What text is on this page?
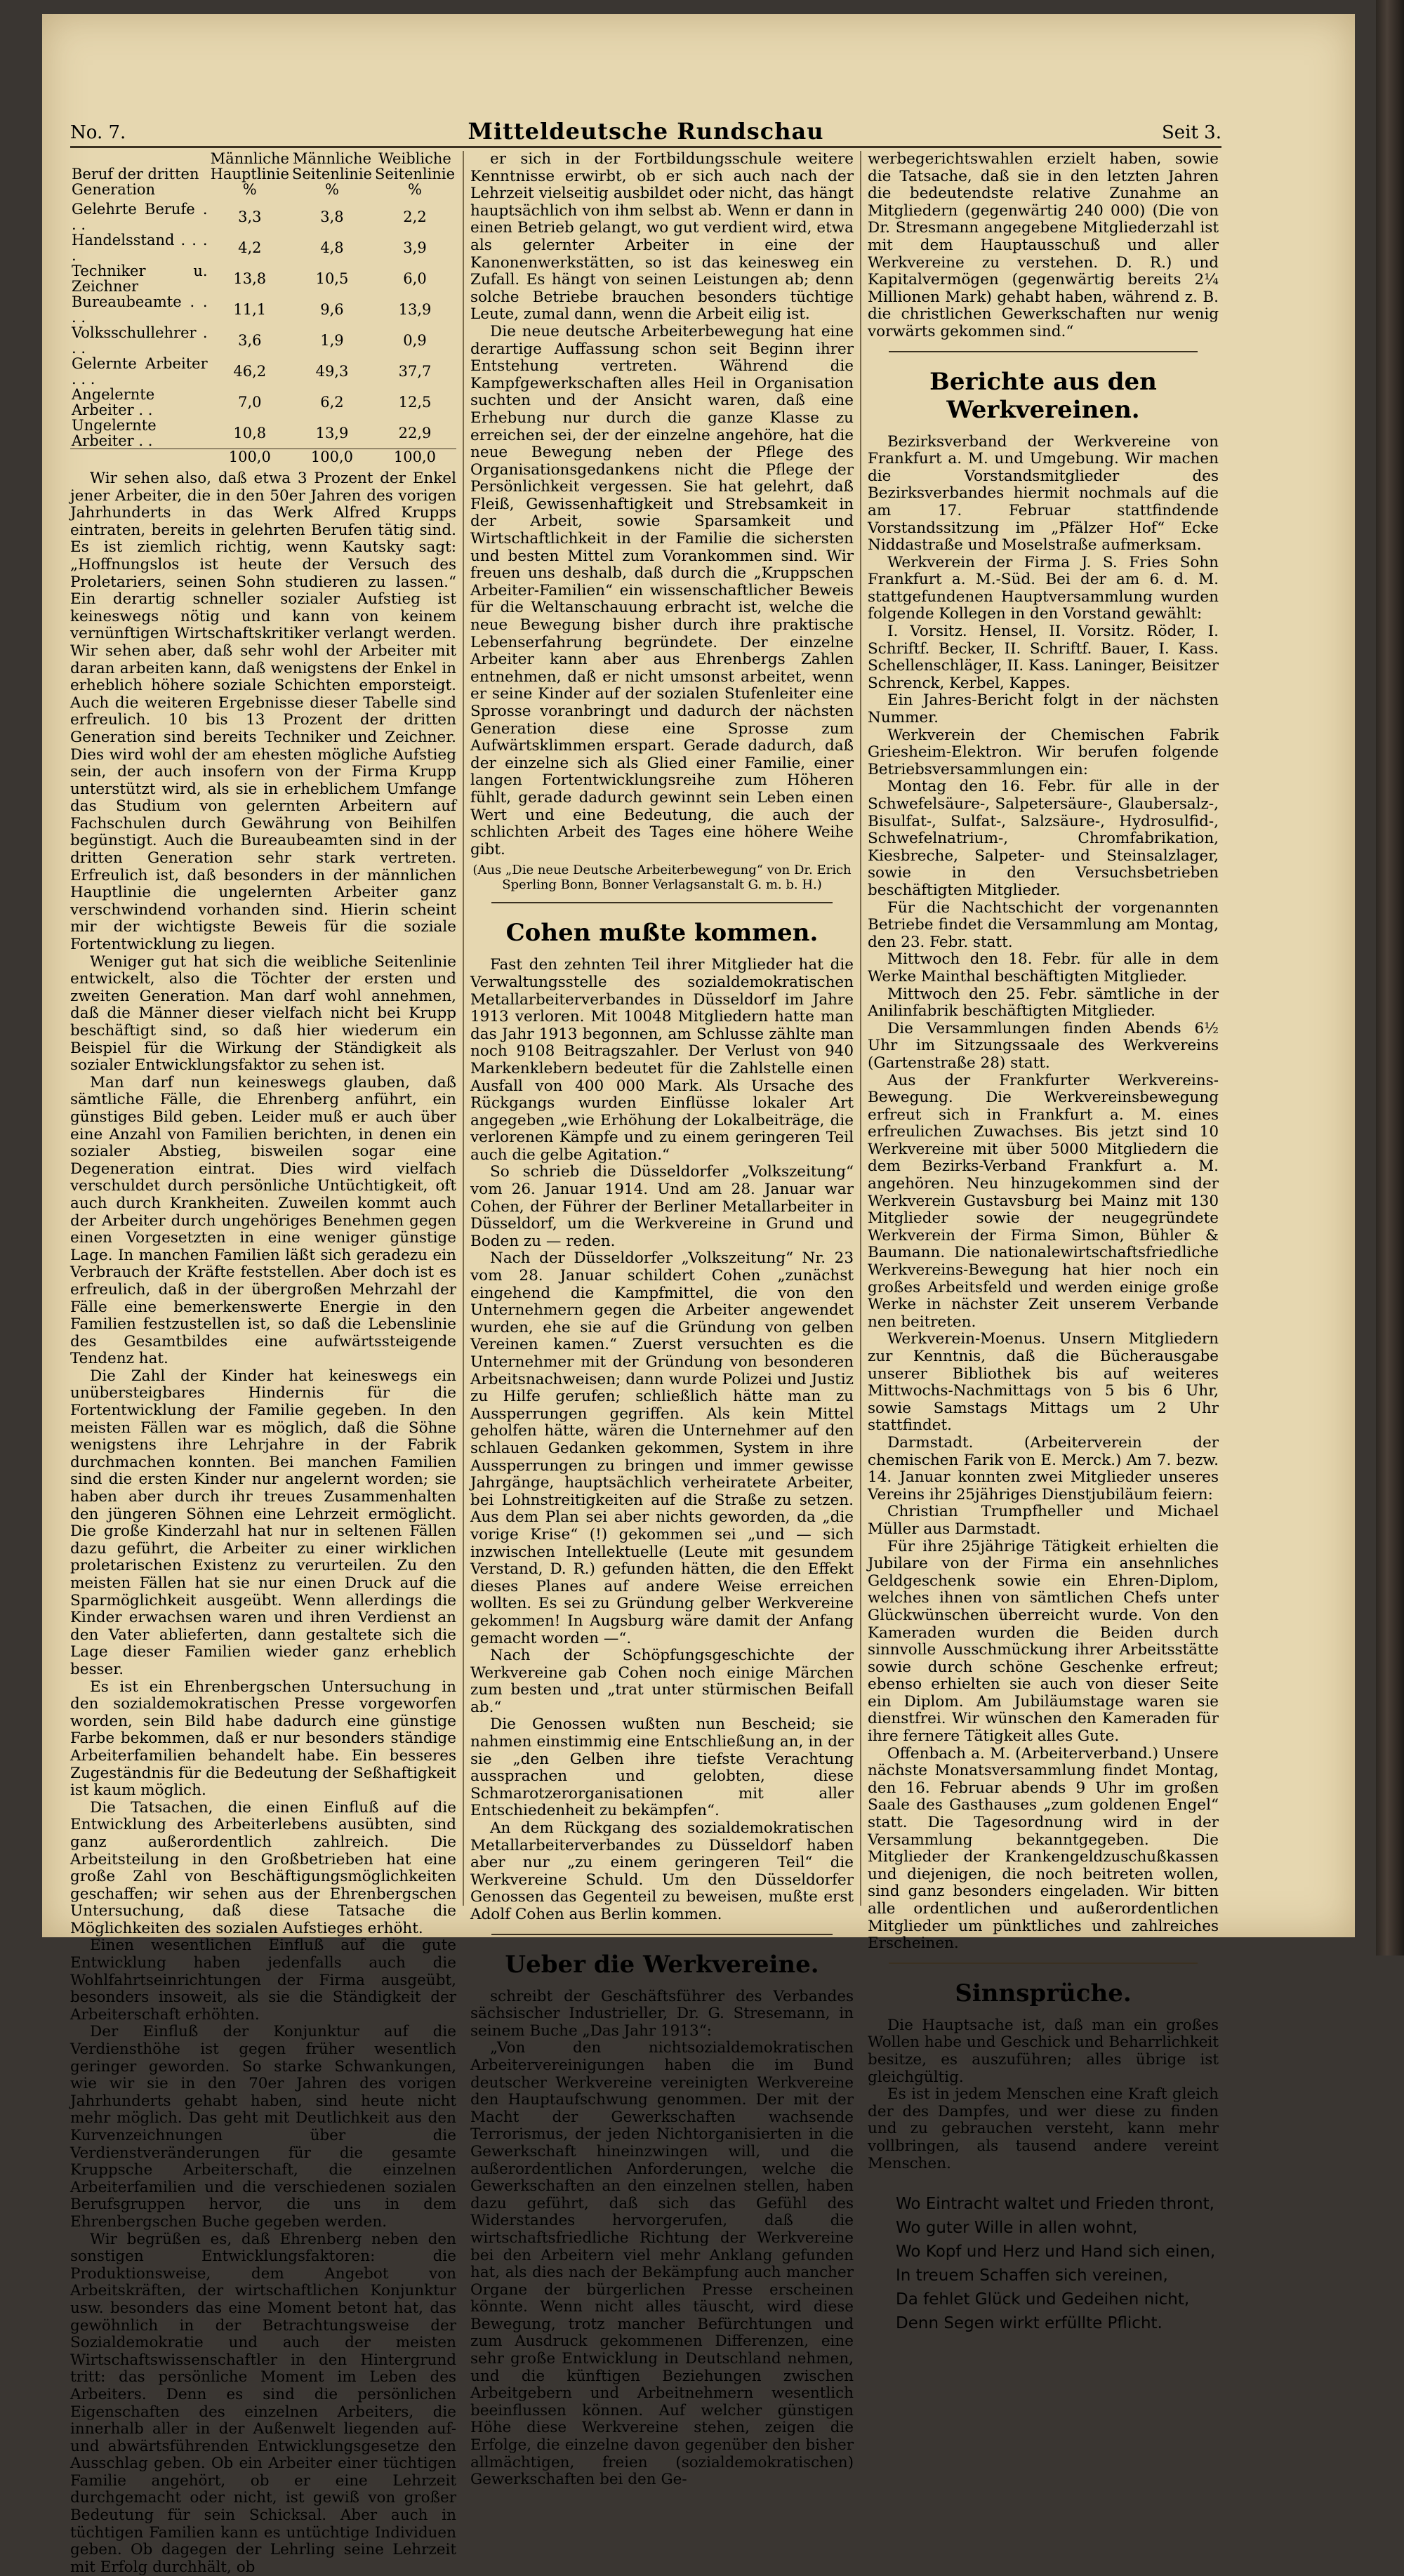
No. 7.	Mitteldeutsche Rundschau	Seit 3.
Beruf der dritten Generation	Männliche Hauptlinie %	Männliche Seitenlinie %	Weibliche Seitenlinie %
Gelehrte Berufe . . .	3,3	3,8	2,2
Handelsstand . . . .	4,2	4,8	3,9
Techniker u. Zeichner	13,8	10,5	6,0
Bureaubeamte . . . .	11,1	9,6	13,9
Volksschullehrer . . .	3,6	1,9	0,9
Gelernte Arbeiter . . .	46,2	49,3	37,7
Angelernte Arbeiter . .	7,0	6,2	12,5
Ungelernte Arbeiter . .	10,8	13,9	22,9
	100,0	100,0	100,0

Wir sehen also, daß etwa 3 Prozent der Enkel jener Arbeiter, die in den 50er Jahren des vorigen Jahrhunderts in das Werk Alfred Krupps eintraten, bereits in gelehrten Berufen tätig sind. Es ist ziemlich richtig, wenn Kautsky sagt: „Hoffnungslos ist heute der Versuch des Proletariers, seinen Sohn studieren zu lassen.“ Ein derartig schneller sozialer Aufstieg ist keineswegs nötig und kann von keinem vernünftigen Wirtschaftskritiker verlangt werden. Wir sehen aber, daß sehr wohl der Arbeiter mit daran arbeiten kann, daß wenigstens der Enkel in erheblich höhere soziale Schichten emporsteigt. Auch die weiteren Ergebnisse dieser Tabelle sind erfreulich. 10 bis 13 Prozent der dritten Generation sind bereits Techniker und Zeichner. Dies wird wohl der am ehesten mögliche Aufstieg sein, der auch insofern von der Firma Krupp unterstützt wird, als sie in erheblichem Umfange das Studium von gelernten Arbeitern auf Fachschulen durch Gewährung von Beihilfen begünstigt. Auch die Bureaubeamten sind in der dritten Generation sehr stark vertreten. Erfreulich ist, daß besonders in der männlichen Hauptlinie die ungelernten Arbeiter ganz verschwindend vorhanden sind. Hierin scheint mir der wichtigste Beweis für die soziale Fortentwicklung zu liegen.

Weniger gut hat sich die weibliche Seitenlinie entwickelt, also die Töchter der ersten und zweiten Generation. Man darf wohl annehmen, daß die Männer dieser vielfach nicht bei Krupp beschäftigt sind, so daß hier wiederum ein Beispiel für die Wirkung der Ständigkeit als sozialer Entwicklungsfaktor zu sehen ist.

Man darf nun keineswegs glauben, daß sämtliche Fälle, die Ehrenberg anführt, ein günstiges Bild geben. Leider muß er auch über eine Anzahl von Familien berichten, in denen ein sozialer Abstieg, bisweilen sogar eine Degeneration eintrat. Dies wird vielfach verschuldet durch persönliche Untüchtigkeit, oft auch durch Krankheiten. Zuweilen kommt auch der Arbeiter durch ungehöriges Benehmen gegen einen Vorgesetzten in eine weniger günstige Lage. In manchen Familien läßt sich geradezu ein Verbrauch der Kräfte feststellen. Aber doch ist es erfreulich, daß in der übergroßen Mehrzahl der Fälle eine bemerkenswerte Energie in den Familien festzustellen ist, so daß die Lebenslinie des Gesamtbildes eine aufwärtssteigende Tendenz hat.

Die Zahl der Kinder hat keineswegs ein unübersteigbares Hindernis für die Fortentwicklung der Familie gegeben. In den meisten Fällen war es möglich, daß die Söhne wenigstens ihre Lehrjahre in der Fabrik durchmachen konnten. Bei manchen Familien sind die ersten Kinder nur angelernt worden; sie haben aber durch ihr treues Zusammenhalten den jüngeren Söhnen eine Lehrzeit ermöglicht. Die große Kinderzahl hat nur in seltenen Fällen dazu geführt, die Arbeiter zu einer wirklichen proletarischen Existenz zu verurteilen. Zu den meisten Fällen hat sie nur einen Druck auf die Sparmöglichkeit ausgeübt. Wenn allerdings die Kinder erwachsen waren und ihren Verdienst an den Vater ablieferten, dann gestaltete sich die Lage dieser Familien wieder ganz erheblich besser.

Es ist ein Ehrenbergschen Untersuchung in den sozialdemokratischen Presse vorgeworfen worden, sein Bild habe dadurch eine günstige Farbe bekommen, daß er nur besonders ständige Arbeiterfamilien behandelt habe. Ein besseres Zugeständnis für die Bedeutung der Seßhaftigkeit ist kaum möglich.

Die Tatsachen, die einen Einfluß auf die Entwicklung des Arbeiterlebens ausübten, sind ganz außerordentlich zahlreich. Die Arbeitsteilung in den Großbetrieben hat eine große Zahl von Beschäftigungsmöglichkeiten geschaffen; wir sehen aus der Ehrenbergschen Untersuchung, daß diese Tatsache die Möglichkeiten des sozialen Aufstieges erhöht.

Einen wesentlichen Einfluß auf die gute Entwicklung haben jedenfalls auch die Wohlfahrtseinrichtungen der Firma ausgeübt, besonders insoweit, als sie die Ständigkeit der Arbeiterschaft erhöhten.

Der Einfluß der Konjunktur auf die Verdiensthöhe ist gegen früher wesentlich geringer geworden. So starke Schwankungen, wie wir sie in den 70er Jahren des vorigen Jahrhunderts gehabt haben, sind heute nicht mehr möglich. Das geht mit Deutlichkeit aus den Kurvenzeichnungen über die Verdienstveränderungen für die gesamte Kruppsche Arbeiterschaft, die einzelnen Arbeiterfamilien und die verschiedenen sozialen Berufsgruppen hervor, die uns in dem Ehrenbergschen Buche gegeben werden.

Wir begrüßen es, daß Ehrenberg neben den sonstigen Entwicklungsfaktoren: die Produktionsweise, dem Angebot von Arbeitskräften, der wirtschaftlichen Konjunktur usw. besonders das eine Moment betont hat, das gewöhnlich in der Betrachtungsweise der Sozialdemokratie und auch der meisten Wirtschaftswissenschaftler in den Hintergrund tritt: das persönliche Moment im Leben des Arbeiters. Denn es sind die persönlichen Eigenschaften des einzelnen Arbeiters, die innerhalb aller in der Außenwelt liegenden auf- und abwärtsführenden Entwicklungsgesetze den Ausschlag geben. Ob ein Arbeiter einer tüchtigen Familie angehört, ob er eine Lehrzeit durchgemacht oder nicht, ist gewiß von großer Bedeutung für sein Schicksal. Aber auch in tüchtigen Familien kann es untüchtige Individuen geben. Ob dagegen der Lehrling seine Lehrzeit mit Erfolg durchhält, ob

er sich in der Fortbildungsschule weitere Kenntnisse erwirbt, ob er sich auch nach der Lehrzeit vielseitig ausbildet oder nicht, das hängt hauptsächlich von ihm selbst ab. Wenn er dann in einen Betrieb gelangt, wo gut verdient wird, etwa als gelernter Arbeiter in eine der Kanonenwerkstätten, so ist das keinesweg ein Zufall. Es hängt von seinen Leistungen ab; denn solche Betriebe brauchen besonders tüchtige Leute, zumal dann, wenn die Arbeit eilig ist.

Die neue deutsche Arbeiterbewegung hat eine derartige Auffassung schon seit Beginn ihrer Entstehung vertreten. Während die Kampfgewerkschaften alles Heil in Organisation suchten und der Ansicht waren, daß eine Erhebung nur durch die ganze Klasse zu erreichen sei, der der einzelne angehöre, hat die neue Bewegung neben der Pflege des Organisationsgedankens nicht die Pflege der Persönlichkeit vergessen. Sie hat gelehrt, daß Fleiß, Gewissenhaftigkeit und Strebsamkeit in der Arbeit, sowie Sparsamkeit und Wirtschaftlichkeit in der Familie die sichersten und besten Mittel zum Vorankommen sind. Wir freuen uns deshalb, daß durch die „Kruppschen Arbeiter-Familien“ ein wissenschaftlicher Beweis für die Weltanschauung erbracht ist, welche die neue Bewegung bisher durch ihre praktische Lebenserfahrung begründete. Der einzelne Arbeiter kann aber aus Ehrenbergs Zahlen entnehmen, daß er nicht umsonst arbeitet, wenn er seine Kinder auf der sozialen Stufenleiter eine Sprosse voranbringt und dadurch der nächsten Generation diese eine Sprosse zum Aufwärtsklimmen erspart. Gerade dadurch, daß der einzelne sich als Glied einer Familie, einer langen Fortentwicklungsreihe zum Höheren fühlt, gerade dadurch gewinnt sein Leben einen Wert und eine Bedeutung, die auch der schlichten Arbeit des Tages eine höhere Weihe gibt.

(Aus „Die neue Deutsche Arbeiterbewegung“ von Dr. Erich Sperling Bonn, Bonner Verlagsanstalt G. m. b. H.)
Cohen mußte kommen.

Fast den zehnten Teil ihrer Mitglieder hat die Verwaltungsstelle des sozialdemokratischen Metallarbeiterverbandes in Düsseldorf im Jahre 1913 verloren. Mit 10048 Mitgliedern hatte man das Jahr 1913 begonnen, am Schlusse zählte man noch 9108 Beitragszahler. Der Verlust von 940 Markenklebern bedeutet für die Zahlstelle einen Ausfall von 400 000 Mark. Als Ursache des Rückgangs wurden Einflüsse lokaler Art angegeben „wie Erhöhung der Lokalbeiträge, die verlorenen Kämpfe und zu einem geringeren Teil auch die gelbe Agitation.“

So schrieb die Düsseldorfer „Volkszeitung“ vom 26. Januar 1914. Und am 28. Januar war Cohen, der Führer der Berliner Metallarbeiter in Düsseldorf, um die Werkvereine in Grund und Boden zu — reden.

Nach der Düsseldorfer „Volkszeitung“ Nr. 23 vom 28. Januar schildert Cohen „zunächst eingehend die Kampfmittel, die von den Unternehmern gegen die Arbeiter angewendet wurden, ehe sie auf die Gründung von gelben Vereinen kamen.“ Zuerst versuchten es die Unternehmer mit der Gründung von besonderen Arbeitsnachweisen; dann wurde Polizei und Justiz zu Hilfe gerufen; schließlich hätte man zu Aussperrungen gegriffen. Als kein Mittel geholfen hätte, wären die Unternehmer auf den schlauen Gedanken gekommen, System in ihre Aussperrungen zu bringen und immer gewisse Jahrgänge, hauptsächlich verheiratete Arbeiter, bei Lohnstreitigkeiten auf die Straße zu setzen. Aus dem Plan sei aber nichts geworden, da „die vorige Krise“ (!) gekommen sei „und — sich inzwischen Intellektuelle (Leute mit gesundem Verstand, D. R.) gefunden hätten, die den Effekt dieses Planes auf andere Weise erreichen wollten. Es sei zu Gründung gelber Werkvereine gekommen! In Augsburg wäre damit der Anfang gemacht worden —“.

Nach der Schöpfungsgeschichte der Werkvereine gab Cohen noch einige Märchen zum besten und „trat unter stürmischen Beifall ab.“

Die Genossen wußten nun Bescheid; sie nahmen einstimmig eine Entschließung an, in der sie „den Gelben ihre tiefste Verachtung aussprachen und gelobten, diese Schmarotzerorganisationen mit aller Entschiedenheit zu bekämpfen“.

An dem Rückgang des sozialdemokratischen Metallarbeiterverbandes zu Düsseldorf haben aber nur „zu einem geringeren Teil“ die Werkvereine Schuld. Um den Düsseldorfer Genossen das Gegenteil zu beweisen, mußte erst Adolf Cohen aus Berlin kommen.

Ueber die Werkvereine.

schreibt der Geschäftsführer des Verbandes sächsischer Industrieller, Dr. G. Stresemann, in seinem Buche „Das Jahr 1913“:

„Von den nichtsozialdemokratischen Arbeitervereinigungen haben die im Bund deutscher Werkvereine vereinigten Werkvereine den Hauptaufschwung genommen. Der mit der Macht der Gewerkschaften wachsende Terrorismus, der jeden Nichtorganisierten in die Gewerkschaft hineinzwingen will, und die außerordentlichen Anforderungen, welche die Gewerkschaften an den einzelnen stellen, haben dazu geführt, daß sich das Gefühl des Widerstandes hervorgerufen, daß die wirtschaftsfriedliche Richtung der Werkvereine bei den Arbeitern viel mehr Anklang gefunden hat, als dies nach der Bekämpfung auch mancher Organe der bürgerlichen Presse erscheinen könnte. Wenn nicht alles täuscht, wird diese Bewegung, trotz mancher Befürchtungen und zum Ausdruck gekommenen Differenzen, eine sehr große Entwicklung in Deutschland nehmen, und die künftigen Beziehungen zwischen Arbeitgebern und Arbeitnehmern wesentlich beeinflussen können. Auf welcher günstigen Höhe diese Werkvereine stehen, zeigen die Erfolge, die einzelne davon gegenüber den bisher allmächtigen, freien (sozialdemokratischen) Gewerkschaften bei den Ge-

werbegerichtswahlen erzielt haben, sowie die Tatsache, daß sie in den letzten Jahren die bedeutendste relative Zunahme an Mitgliedern (gegenwärtig 240 000) (Die von Dr. Stresmann angegebene Mitgliederzahl ist mit dem Hauptausschuß und aller Werkvereine zu verstehen. D. R.) und Kapitalvermögen (gegenwärtig bereits 2¼ Millionen Mark) gehabt haben, während z. B. die christlichen Gewerkschaften nur wenig vorwärts gekommen sind.“

Berichte aus den Werkvereinen.

Bezirksverband der Werkvereine von Frankfurt a. M. und Umgebung. Wir machen die Vorstandsmitglieder des Bezirksverbandes hiermit nochmals auf die am 17. Februar stattfindende Vorstandssitzung im „Pfälzer Hof“ Ecke Niddastraße und Moselstraße aufmerksam.

Werkverein der Firma J. S. Fries Sohn Frankfurt a. M.-Süd. Bei der am 6. d. M. stattgefundenen Hauptversammlung wurden folgende Kollegen in den Vorstand gewählt:

I. Vorsitz. Hensel, II. Vorsitz. Röder, I. Schriftf. Becker, II. Schriftf. Bauer, I. Kass. Schellenschläger, II. Kass. Laninger, Beisitzer Schrenck, Kerbel, Kappes.

Ein Jahres-Bericht folgt in der nächsten Nummer.

Werkverein der Chemischen Fabrik Griesheim-Elektron. Wir berufen folgende Betriebsversammlungen ein:

Montag den 16. Febr. für alle in der Schwefelsäure-, Salpetersäure-, Glaubersalz-, Bisulfat-, Sulfat-, Salzsäure-, Hydrosulfid-, Schwefelnatrium-, Chromfabrikation, Kiesbreche, Salpeter- und Steinsalzlager, sowie in den Versuchsbetrieben beschäftigten Mitglieder.

Für die Nachtschicht der vorgenannten Betriebe findet die Versammlung am Montag, den 23. Febr. statt.

Mittwoch den 18. Febr. für alle in dem Werke Mainthal beschäftigten Mitglieder.

Mittwoch den 25. Febr. sämtliche in der Anilinfabrik beschäftigten Mitglieder.

Die Versammlungen finden Abends 6½ Uhr im Sitzungssaale des Werkvereins (Gartenstraße 28) statt.

Aus der Frankfurter Werkvereins-Bewegung. Die Werkvereinsbewegung erfreut sich in Frankfurt a. M. eines erfreulichen Zuwachses. Bis jetzt sind 10 Werkvereine mit über 5000 Mitgliedern die dem Bezirks-Verband Frankfurt a. M. angehören. Neu hinzugekommen sind der Werkverein Gustavsburg bei Mainz mit 130 Mitglieder sowie der neugegründete Werkverein der Firma Simon, Bühler & Baumann. Die nationalewirtschaftsfriedliche Werkvereins-Bewegung hat hier noch ein großes Arbeitsfeld und werden einige große Werke in nächster Zeit unserem Verbande nen beitreten.

Werkverein-Moenus. Unsern Mitgliedern zur Kenntnis, daß die Bücherausgabe unserer Bibliothek bis auf weiteres Mittwochs-Nachmittags von 5 bis 6 Uhr, sowie Samstags Mittags um 2 Uhr stattfindet.

Darmstadt. (Arbeiterverein der chemischen Farik von E. Merck.) Am 7. bezw. 14. Januar konnten zwei Mitglieder unseres Vereins ihr 25jähriges Dienstjubiläum feiern:

Christian Trumpfheller und Michael Müller aus Darmstadt.

Für ihre 25jährige Tätigkeit erhielten die Jubilare von der Firma ein ansehnliches Geldgeschenk sowie ein Ehren-Diplom, welches ihnen von sämtlichen Chefs unter Glückwünschen überreicht wurde. Von den Kameraden wurden die Beiden durch sinnvolle Ausschmückung ihrer Arbeitsstätte sowie durch schöne Geschenke erfreut; ebenso erhielten sie auch von dieser Seite ein Diplom. Am Jubiläumstage waren sie dienstfrei. Wir wünschen den Kameraden für ihre fernere Tätigkeit alles Gute.

Offenbach a. M. (Arbeiterverband.) Unsere nächste Monatsversammlung findet Montag, den 16. Februar abends 9 Uhr im großen Saale des Gasthauses „zum goldenen Engel“ statt. Die Tagesordnung wird in der Versammlung bekanntgegeben. Die Mitglieder der Krankengeldzuschußkassen und diejenigen, die noch beitreten wollen, sind ganz besonders eingeladen. Wir bitten alle ordentlichen und außerordentlichen Mitglieder um pünktliches und zahlreiches Erscheinen.

Sinnsprüche.

Die Hauptsache ist, daß man ein großes Wollen habe und Geschick und Beharrlichkeit besitze, es auszuführen; alles übrige ist gleichgültig.

Es ist in jedem Menschen eine Kraft gleich der des Dampfes, und wer diese zu finden und zu gebrauchen versteht, kann mehr vollbringen, als tausend andere vereint Menschen.

Wo Eintracht waltet und Frieden thront,
Wo guter Wille in allen wohnt,
Wo Kopf und Herz und Hand sich einen,
In treuem Schaffen sich vereinen,
Da fehlet Glück und Gedeihen nicht,
Denn Segen wirkt erfüllte Pflicht.
